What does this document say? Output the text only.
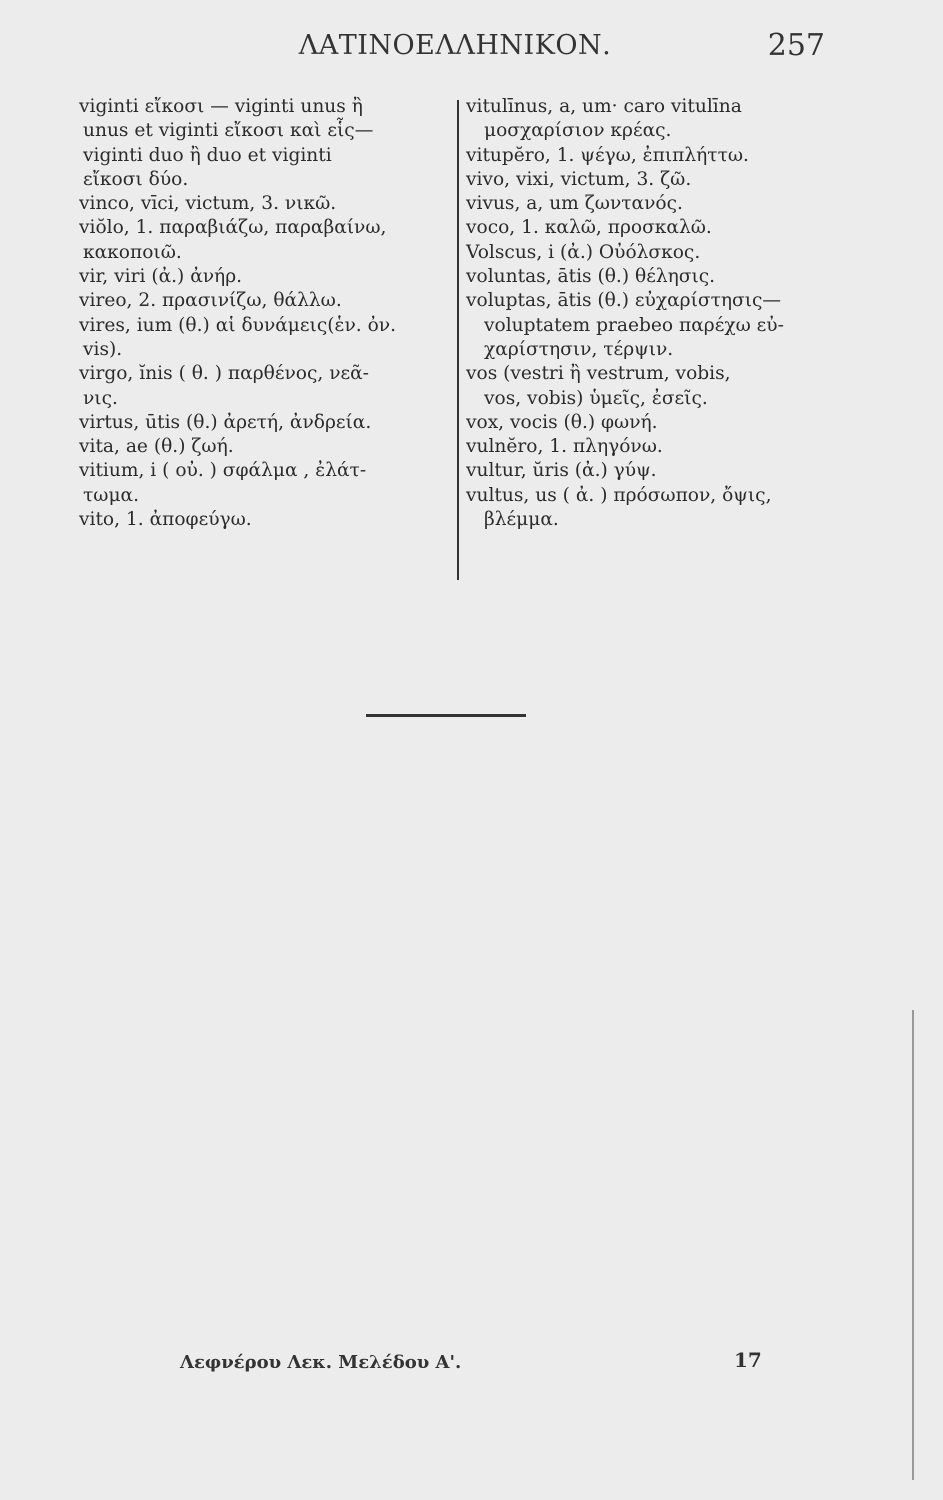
ΛΑΤΙΝΟΕΛΛΗΝΙΚΟΝ.	257
viginti εἴκοσι — viginti unus ἢ
unus et viginti εἴκοσι καὶ εἷς—
viginti duo ἢ duo et viginti
εἴκοσι δύο.
vinco, vīci, victum, 3. νικῶ.
viŏlo, 1. παραβιάζω, παραβαίνω,
κακοποιῶ.
vir, viri (ἀ.) ἀνήρ.
vireo, 2. πρασινίζω, θάλλω.
vires, ium (θ.) αἱ δυνάμεις(ἑν. ὀν.
vis).
virgo, ĭnis ( θ. ) παρθένος, νεᾶ-
νις.
virtus, ūtis (θ.) ἀρετή, ἀνδρεία.
vita, ae (θ.) ζωή.
vitium, i ( οὐ. ) σφάλμα , ἐλάτ-
τωμα.
vito, 1. ἀποφεύγω.
vitulīnus, a, um· caro vitulīna
μοσχαρίσιον κρέας.
vitupĕro, 1. ψέγω, ἐπιπλήττω.
vivo, vixi, victum, 3. ζῶ.
vivus, a, um ζωντανός.
voco, 1. καλῶ, προσκαλῶ.
Volscus, i (ἀ.) Οὐόλσκος.
voluntas, ātis (θ.) θέλησις.
voluptas, ātis (θ.) εὐχαρίστησις—
voluptatem praebeo παρέχω εὐ-
χαρίστησιν, τέρψιν.
vos (vestri ἢ vestrum, vobis,
vos, vobis) ὑμεῖς, ἐσεῖς.
vox, vocis (θ.) φωνή.
vulnĕro, 1. πληγόνω.
vultur, ŭris (ἀ.) γύψ.
vultus, us ( ἀ. ) πρόσωπον, ὄψις,
βλέμμα.
Λεφνέρου Λεκ. Μελέδου Α'.	17
